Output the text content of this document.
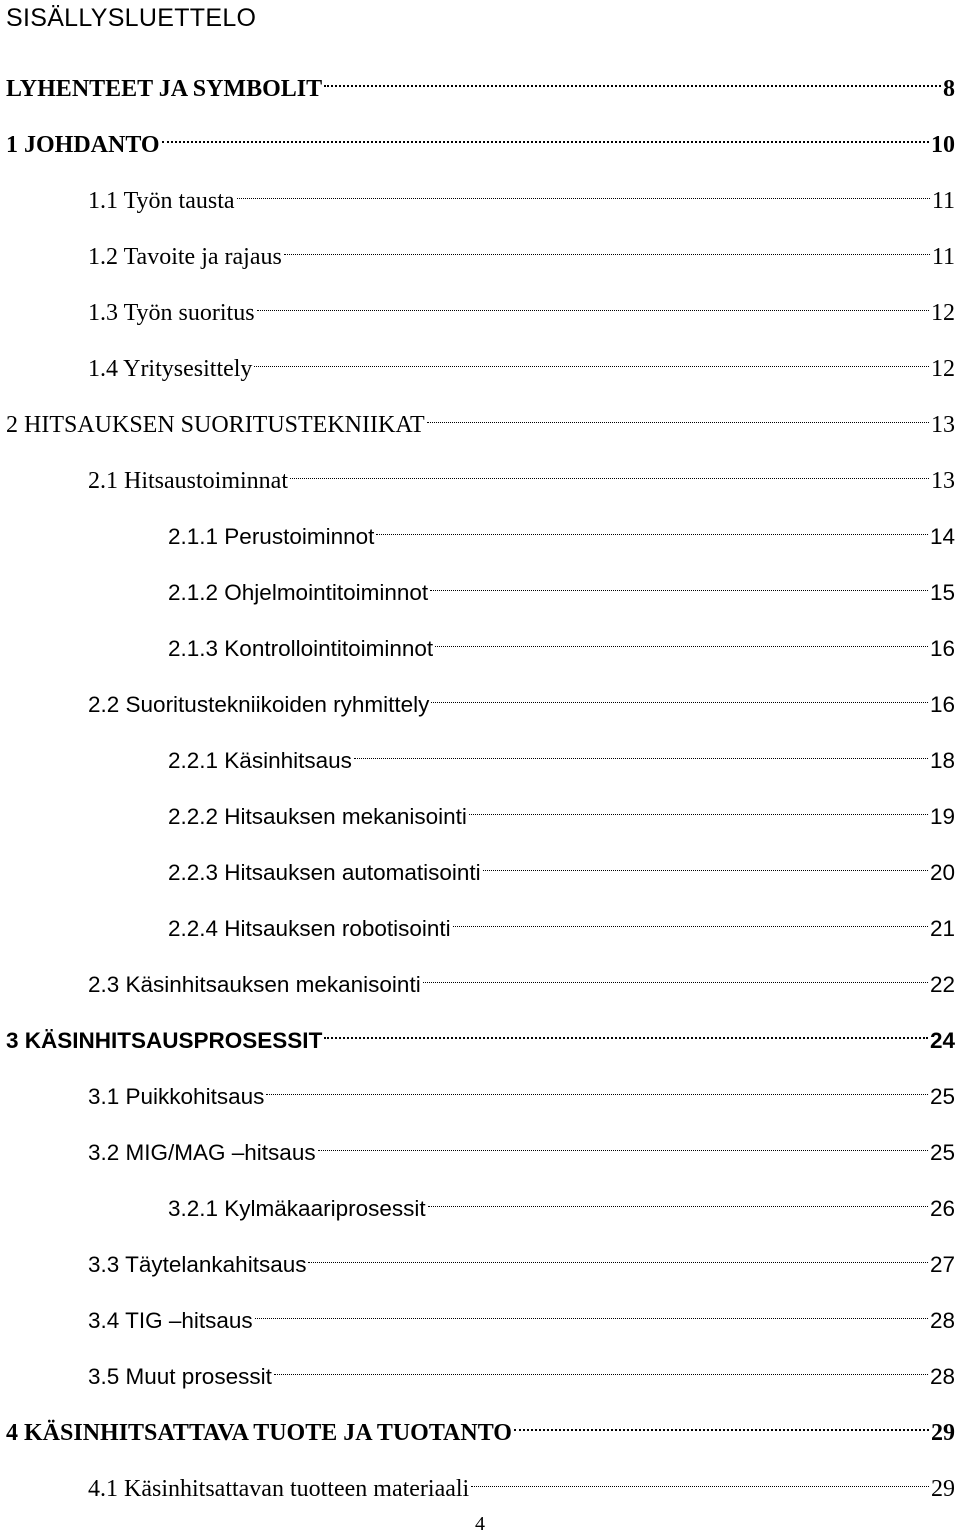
SISÄLLYSLUETTELO
LYHENTEET JA SYMBOLIT	8
1 JOHDANTO	10
1.1 Työn tausta	11
1.2 Tavoite ja rajaus	11
1.3 Työn suoritus	12
1.4 Yritysesittely	12
2 HITSAUKSEN SUORITUSTEKNIIKAT	13
2.1 Hitsaustoiminnat	13
2.1.1 Perustoiminnot	14
2.1.2 Ohjelmointitoiminnot	15
2.1.3 Kontrollointitoiminnot	16
2.2 Suoritustekniikoiden ryhmittely	16
2.2.1 Käsinhitsaus	18
2.2.2 Hitsauksen mekanisointi	19
2.2.3 Hitsauksen automatisointi	20
2.2.4 Hitsauksen robotisointi	21
2.3 Käsinhitsauksen mekanisointi	22
3 KÄSINHITSAUSPROSESSIT	24
3.1 Puikkohitsaus	25
3.2 MIG/MAG –hitsaus	25
3.2.1 Kylmäkaariprosessit	26
3.3 Täytelankahitsaus	27
3.4 TIG –hitsaus	28
3.5 Muut prosessit	28
4 KÄSINHITSATTAVA TUOTE JA TUOTANTO	29
4.1 Käsinhitsattavan tuotteen materiaali	29
4
